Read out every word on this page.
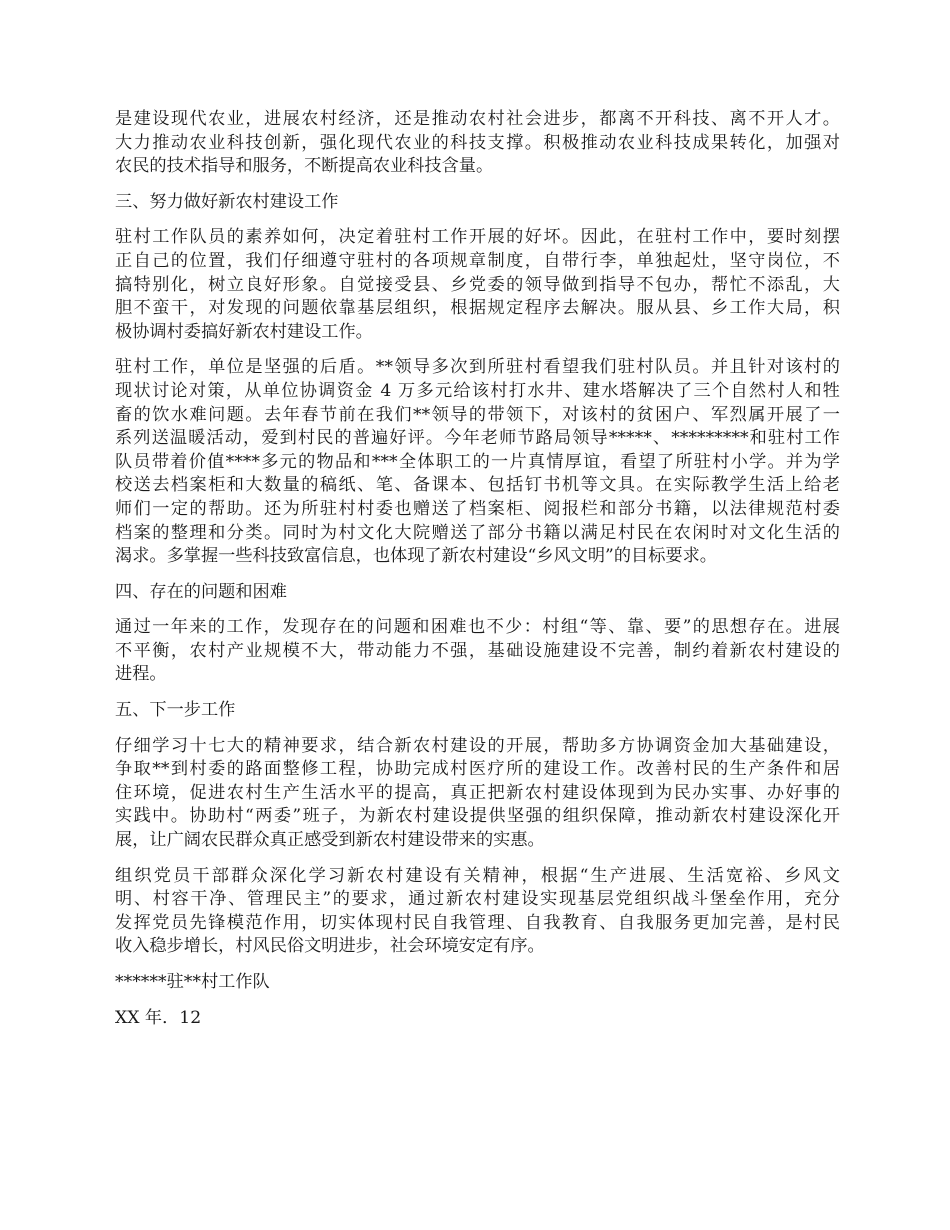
是建设现代农业，进展农村经济，还是推动农村社会进步，都离不开科技、离不开人才。
大力推动农业科技创新，强化现代农业的科技支撑。积极推动农业科技成果转化，加强对
农民的技术指导和服务，不断提高农业科技含量。
三、努力做好新农村建设工作
驻村工作队员的素养如何，决定着驻村工作开展的好坏。因此，在驻村工作中，要时刻摆
正自己的位置，我们仔细遵守驻村的各项规章制度，自带行李，单独起灶，坚守岗位，不
搞特别化，树立良好形象。自觉接受县、乡党委的领导做到指导不包办，帮忙不添乱，大
胆不蛮干，对发现的问题依靠基层组织，根据规定程序去解决。服从县、乡工作大局，积
极协调村委搞好新农村建设工作。
驻村工作，单位是坚强的后盾。**领导多次到所驻村看望我们驻村队员。并且针对该村的
现状讨论对策，从单位协调资金 4 万多元给该村打水井、建水塔解决了三个自然村人和牲
畜的饮水难问题。去年春节前在我们**领导的带领下，对该村的贫困户、军烈属开展了一
系列送温暖活动，爱到村民的普遍好评。今年老师节路局领导*****、*********和驻村工作
队员带着价值****多元的物品和***全体职工的一片真情厚谊，看望了所驻村小学。并为学
校送去档案柜和大数量的稿纸、笔、备课本、包括钉书机等文具。在实际教学生活上给老
师们一定的帮助。还为所驻村村委也赠送了档案柜、阅报栏和部分书籍，以法律规范村委
档案的整理和分类。同时为村文化大院赠送了部分书籍以满足村民在农闲时对文化生活的
渴求。多掌握一些科技致富信息，也体现了新农村建设“乡风文明”的目标要求。
四、存在的问题和困难
通过一年来的工作，发现存在的问题和困难也不少：村组“等、靠、要”的思想存在。进展
不平衡，农村产业规模不大，带动能力不强，基础设施建设不完善，制约着新农村建设的
进程。
五、下一步工作
仔细学习十七大的精神要求，结合新农村建设的开展，帮助多方协调资金加大基础建设，
争取**到村委的路面整修工程，协助完成村医疗所的建设工作。改善村民的生产条件和居
住环境，促进农村生产生活水平的提高，真正把新农村建设体现到为民办实事、办好事的
实践中。协助村“两委”班子，为新农村建设提供坚强的组织保障，推动新农村建设深化开
展，让广阔农民群众真正感受到新农村建设带来的实惠。
组织党员干部群众深化学习新农村建设有关精神，根据“生产进展、生活宽裕、乡风文
明、村容干净、管理民主”的要求，通过新农村建设实现基层党组织战斗堡垒作用，充分
发挥党员先锋模范作用，切实体现村民自我管理、自我教育、自我服务更加完善，是村民
收入稳步增长，村风民俗文明进步，社会环境安定有序。
******驻**村工作队
XX 年．12
